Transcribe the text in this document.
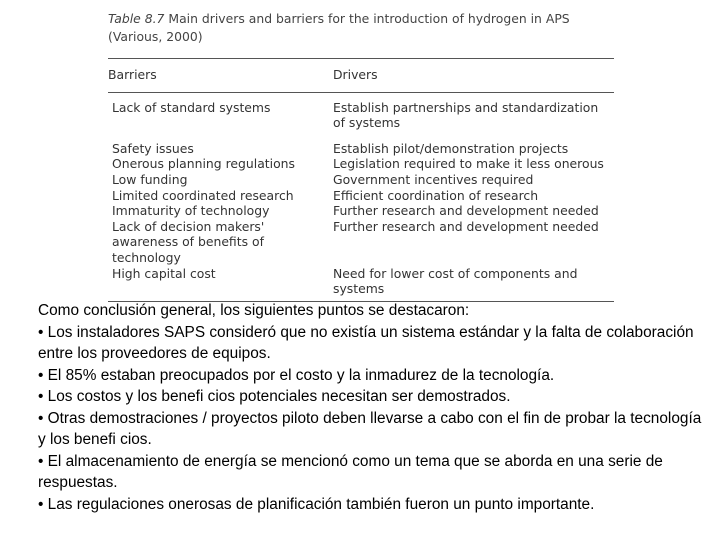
Table 8.7 Main drivers and barriers for the introduction of hydrogen in APS
(Various, 2000)
Barriers	Drivers

Lack of standard systems	Establish partnerships and standardization
of systems
Safety issues	Establish pilot/demonstration projects
Onerous planning regulations	Legislation required to make it less onerous
Low funding	Government incentives required
Limited coordinated research	Efficient coordination of research
Immaturity of technology	Further research and development needed
Lack of decision makers'
awareness of benefits of
technology	Further research and development needed
High capital cost	Need for lower cost of components and
systems

Como conclusión general, los siguientes puntos se destacaron:

• Los instaladores SAPS consideró que no existía un sistema estándar y la falta de colaboración entre los proveedores de equipos.

• El 85% estaban preocupados por el costo y la inmadurez de la tecnología.

• Los costos y los benefi cios potenciales necesitan ser demostrados.

• Otras demostraciones / proyectos piloto deben llevarse a cabo con el fin de probar la tecnología y los benefi cios.

• El almacenamiento de energía se mencionó como un tema que se aborda en una serie de respuestas.

• Las regulaciones onerosas de planificación también fueron un punto importante.
